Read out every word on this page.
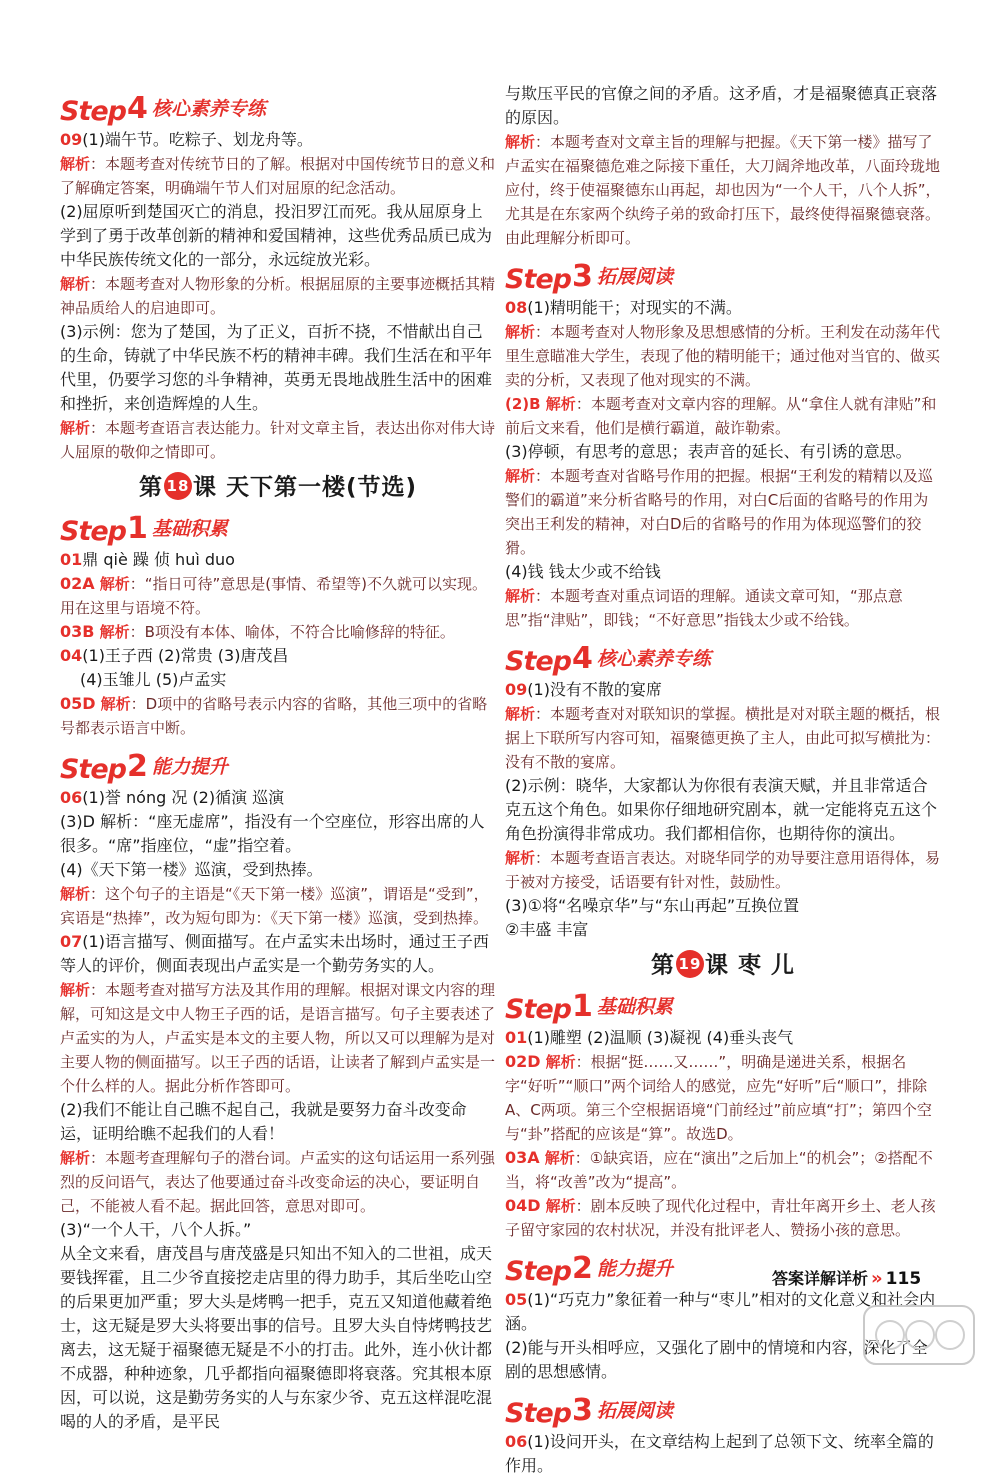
Step 4 核心素养专练
09(1)端午节。吃粽子、划龙舟等。
解析：本题考查对传统节日的了解。根据对中国传统节日的意义和了解确定答案，明确端午节人们对屈原的纪念活动。
(2)屈原听到楚国灭亡的消息，投汨罗江而死。我从屈原身上学到了勇于改革创新的精神和爱国精神，这些优秀品质已成为中华民族传统文化的一部分，永远绽放光彩。
解析：本题考查对人物形象的分析。根据屈原的主要事迹概括其精神品质给人的启迪即可。
(3)示例：您为了楚国，为了正义，百折不挠，不惜献出自己的生命，铸就了中华民族不朽的精神丰碑。我们生活在和平年代里，仍要学习您的斗争精神，英勇无畏地战胜生活中的困难和挫折，来创造辉煌的人生。
解析：本题考查语言表达能力。针对文章主旨，表达出你对伟大诗人屈原的敬仰之情即可。
第 18 课 天下第一楼(节选)
Step 1 基础积累
01鼎 qiè 躁 侦 huì duo
02A 解析：“指日可待”意思是(事情、希望等)不久就可以实现。用在这里与语境不符。
03B 解析：B项没有本体、喻体，不符合比喻修辞的特征。
04(1)王子西 (2)常贵 (3)唐茂昌
(4)玉雏儿 (5)卢孟实
05D 解析：D项中的省略号表示内容的省略，其他三项中的省略号都表示语言中断。
Step 2 能力提升
06(1)誉 nóng 况 (2)循演 巡演
(3)D 解析：“座无虚席”，指没有一个空座位，形容出席的人很多。“席”指座位，“虚”指空着。
(4)《天下第一楼》巡演，受到热捧。
解析：这个句子的主语是“《天下第一楼》巡演”，谓语是“受到”，宾语是“热捧”，改为短句即为：《天下第一楼》巡演，受到热捧。
07(1)语言描写、侧面描写。在卢孟实未出场时，通过王子西等人的评价，侧面表现出卢孟实是一个勤劳务实的人。
解析：本题考查对描写方法及其作用的理解。根据对课文内容的理解，可知这是文中人物王子西的话，是语言描写。句子主要表述了卢孟实的为人，卢孟实是本文的主要人物，所以又可以理解为是对主要人物的侧面描写。以王子西的话语，让读者了解到卢孟实是一个什么样的人。据此分析作答即可。
(2)我们不能让自己瞧不起自己，我就是要努力奋斗改变命运，证明给瞧不起我们的人看！
解析：本题考查理解句子的潜台词。卢孟实的这句话运用一系列强烈的反问语气，表达了他要通过奋斗改变命运的决心，要证明自己，不能被人看不起。据此回答，意思对即可。
(3)“一个人干，八个人拆。”
从全文来看，唐茂昌与唐茂盛是只知出不知入的二世祖，成天要钱挥霍，且二少爷直接挖走店里的得力助手，其后坐吃山空的后果更加严重；罗大头是烤鸭一把手，克五又知道他藏着绝士，这无疑是罗大头将要出事的信号。且罗大头自恃烤鸭技艺离去，这无疑于福聚德无疑是不小的打击。此外，连小伙计都不成器，种种迹象，几乎都指向福聚德即将衰落。究其根本原因，可以说，这是勤劳务实的人与东家少爷、克五这样混吃混喝的人的矛盾，是平民
与欺压平民的官僚之间的矛盾。这矛盾，才是福聚德真正衰落的原因。
解析：本题考查对文章主旨的理解与把握。《天下第一楼》描写了卢孟实在福聚德危难之际接下重任，大刀阔斧地改革，八面玲珑地应付，终于使福聚德东山再起，却也因为“一个人干，八个人拆”，尤其是在东家两个纨绔子弟的致命打压下，最终使得福聚德衰落。由此理解分析即可。
Step 3 拓展阅读
08(1)精明能干；对现实的不满。
解析：本题考查对人物形象及思想感情的分析。王利发在动荡年代里生意瞄准大学生，表现了他的精明能干；通过他对当官的、做买卖的分析，又表现了他对现实的不满。
(2)B 解析：本题考查对文章内容的理解。从“拿住人就有津贴”和前后文来看，他们是横行霸道，敲诈勒索。
(3)停顿，有思考的意思；表声音的延长、有引诱的意思。
解析：本题考查对省略号作用的把握。根据“王利发的精精以及巡警们的霸道”来分析省略号的作用，对白C后面的省略号的作用为突出王利发的精神，对白D后的省略号的作用为体现巡警们的狡猾。
(4)钱 钱太少或不给钱
解析：本题考查对重点词语的理解。通读文章可知，“那点意思”指“津贴”，即钱；“不好意思”指钱太少或不给钱。
Step 4 核心素养专练
09(1)没有不散的宴席
解析：本题考查对对联知识的掌握。横批是对对联主题的概括，根据上下联所写内容可知，福聚德更换了主人，由此可拟写横批为：没有不散的宴席。
(2)示例：晓华，大家都认为你很有表演天赋，并且非常适合克五这个角色。如果你仔细地研究剧本，就一定能将克五这个角色扮演得非常成功。我们都相信你，也期待你的演出。
解析：本题考查语言表达。对晓华同学的劝导要注意用语得体，易于被对方接受，话语要有针对性，鼓励性。
(3)①将“名噪京华”与“东山再起”互换位置
②丰盛 丰富
第 19 课 枣 儿
Step 1 基础积累
01(1)雕塑 (2)温顺 (3)凝视 (4)垂头丧气
02D 解析：根据“挺……又……”，明确是递进关系，根据名字“好听”“顺口”两个词给人的感觉，应先“好听”后“顺口”，排除A、C两项。第三个空根据语境“门前经过”前应填“打”；第四个空与“卦”搭配的应该是“算”。故选D。
03A 解析：①缺宾语，应在“演出”之后加上“的机会”；②搭配不当，将“改善”改为“提高”。
04D 解析：剧本反映了现代化过程中，青壮年离开乡土、老人孩子留守家园的农村状况，并没有批评老人、赞扬小孩的意思。
Step 2 能力提升
05(1)“巧克力”象征着一种与“枣儿”相对的文化意义和社会内涵。
(2)能与开头相呼应，又强化了剧中的情境和内容，深化了全剧的思想感情。
Step 3 拓展阅读
06(1)设问开头，在文章结构上起到了总领下文、统率全篇的作用。
答案详解详析 » 115
